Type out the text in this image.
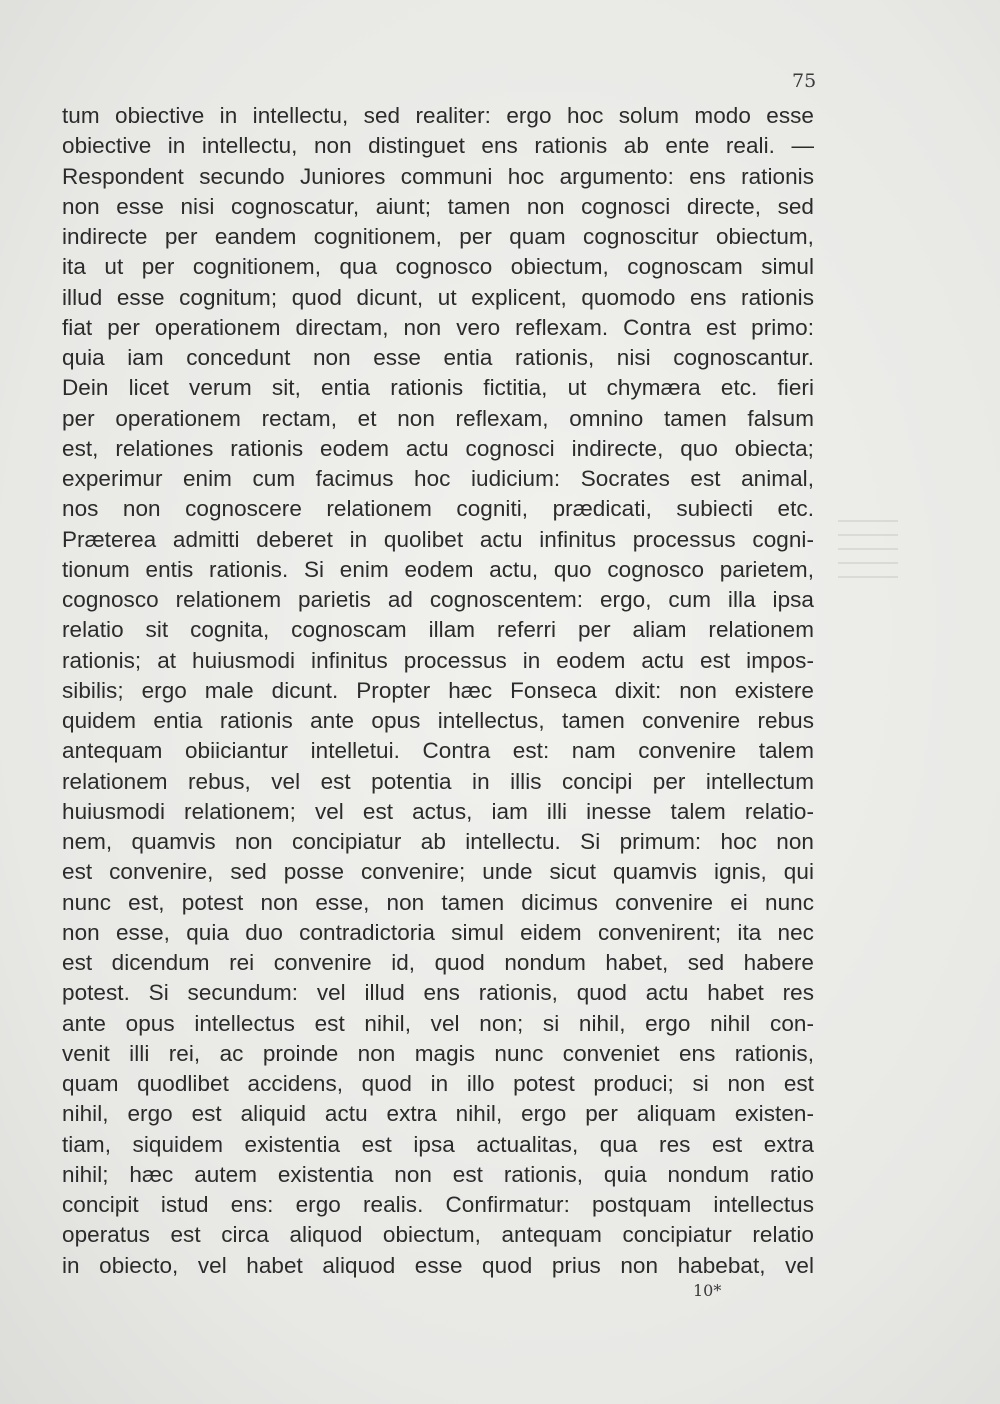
75
tum obiective in intellectu, sed realiter: ergo hoc solum modo esse
obiective in intellectu, non distinguet ens rationis ab ente reali. —
Respondent secundo Juniores communi hoc argumento: ens rationis
non esse nisi cognoscatur, aiunt; tamen non cognosci directe, sed
indirecte per eandem cognitionem, per quam cognoscitur obiectum,
ita ut per cognitionem, qua cognosco obiectum, cognoscam simul
illud esse cognitum; quod dicunt, ut explicent, quomodo ens rationis
fiat per operationem directam, non vero reflexam. Contra est primo:
quia iam concedunt non esse entia rationis, nisi cognoscantur.
Dein licet verum sit, entia rationis fictitia, ut chymæra etc. fieri
per operationem rectam, et non reflexam, omnino tamen falsum
est, relationes rationis eodem actu cognosci indirecte, quo obiecta;
experimur enim cum facimus hoc iudicium: Socrates est animal,
nos non cognoscere relationem cogniti, prædicati, subiecti etc.
Præterea admitti deberet in quolibet actu infinitus processus cogni-
tionum entis rationis. Si enim eodem actu, quo cognosco parietem,
cognosco relationem parietis ad cognoscentem: ergo, cum illa ipsa
relatio sit cognita, cognoscam illam referri per aliam relationem
rationis; at huiusmodi infinitus processus in eodem actu est impos-
sibilis; ergo male dicunt. Propter hæc Fonseca dixit: non existere
quidem entia rationis ante opus intellectus, tamen convenire rebus
antequam obiiciantur intelletui. Contra est: nam convenire talem
relationem rebus, vel est potentia in illis concipi per intellectum
huiusmodi relationem; vel est actus, iam illi inesse talem relatio-
nem, quamvis non concipiatur ab intellectu. Si primum: hoc non
est convenire, sed posse convenire; unde sicut quamvis ignis, qui
nunc est, potest non esse, non tamen dicimus convenire ei nunc
non esse, quia duo contradictoria simul eidem convenirent; ita nec
est dicendum rei convenire id, quod nondum habet, sed habere
potest. Si secundum: vel illud ens rationis, quod actu habet res
ante opus intellectus est nihil, vel non; si nihil, ergo nihil con-
venit illi rei, ac proinde non magis nunc conveniet ens rationis,
quam quodlibet accidens, quod in illo potest produci; si non est
nihil, ergo est aliquid actu extra nihil, ergo per aliquam existen-
tiam, siquidem existentia est ipsa actualitas, qua res est extra
nihil; hæc autem existentia non est rationis, quia nondum ratio
concipit istud ens: ergo realis. Confirmatur: postquam intellectus
operatus est circa aliquod obiectum, antequam concipiatur relatio
in obiecto, vel habet aliquod esse quod prius non habebat, vel
10*
